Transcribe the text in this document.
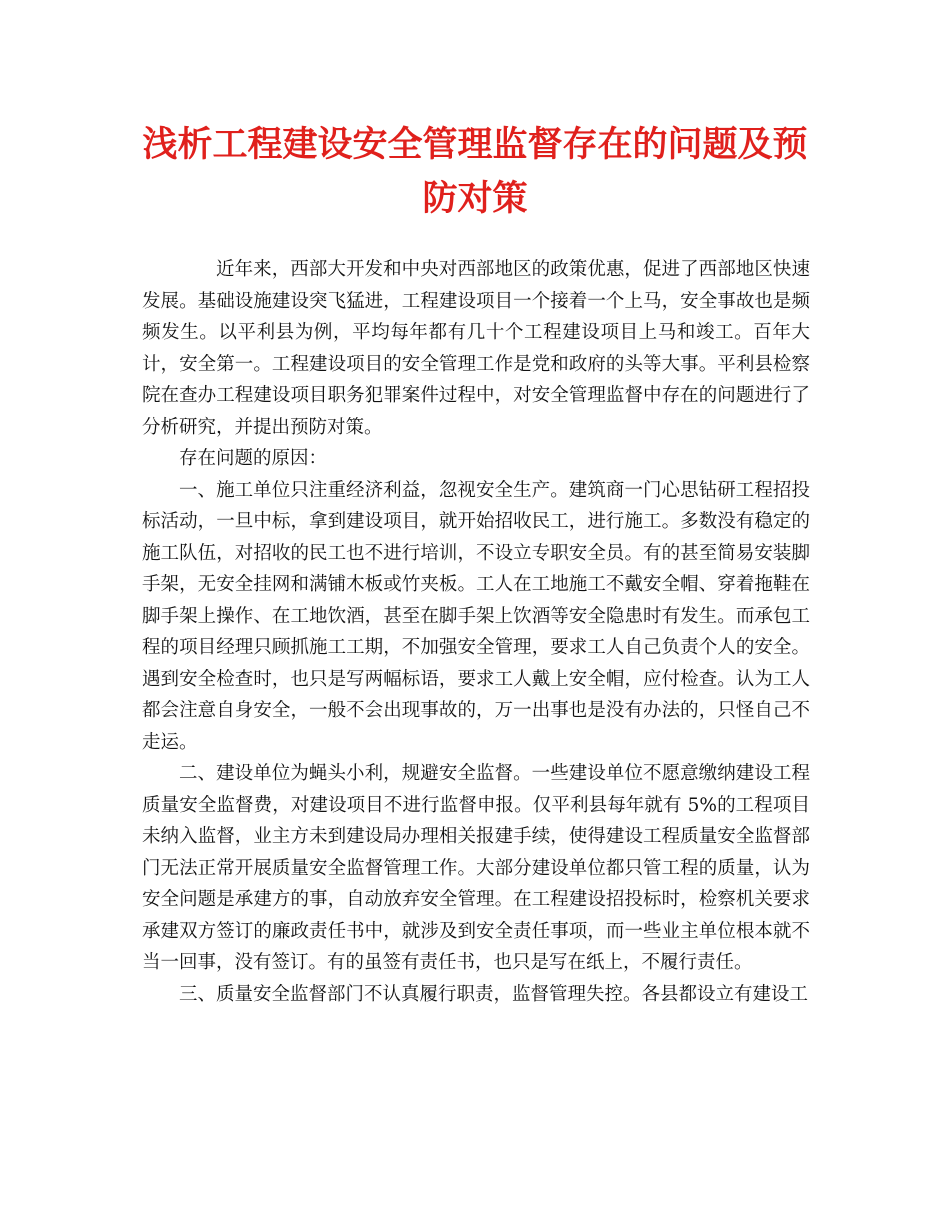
浅析工程建设安全管理监督存在的问题及预防对策

近年来，西部大开发和中央对西部地区的政策优惠，促进了西部地区快速发展。基础设施建设突飞猛进，工程建设项目一个接着一个上马，安全事故也是频频发生。以平利县为例，平均每年都有几十个工程建设项目上马和竣工。百年大计，安全第一。工程建设项目的安全管理工作是党和政府的头等大事。平利县检察院在查办工程建设项目职务犯罪案件过程中，对安全管理监督中存在的问题进行了分析研究，并提出预防对策。

存在问题的原因：

一、施工单位只注重经济利益，忽视安全生产。建筑商一门心思钻研工程招投标活动，一旦中标，拿到建设项目，就开始招收民工，进行施工。多数没有稳定的施工队伍，对招收的民工也不进行培训，不设立专职安全员。有的甚至简易安装脚手架，无安全挂网和满铺木板或竹夹板。工人在工地施工不戴安全帽、穿着拖鞋在脚手架上操作、在工地饮酒，甚至在脚手架上饮酒等安全隐患时有发生。而承包工程的项目经理只顾抓施工工期，不加强安全管理，要求工人自己负责个人的安全。遇到安全检查时，也只是写两幅标语，要求工人戴上安全帽，应付检查。认为工人都会注意自身安全，一般不会出现事故的，万一出事也是没有办法的，只怪自己不走运。

二、建设单位为蝇头小利，规避安全监督。一些建设单位不愿意缴纳建设工程质量安全监督费，对建设项目不进行监督申报。仅平利县每年就有 5%的工程项目未纳入监督，业主方未到建设局办理相关报建手续，使得建设工程质量安全监督部门无法正常开展质量安全监督管理工作。大部分建设单位都只管工程的质量，认为安全问题是承建方的事，自动放弃安全管理。在工程建设招投标时，检察机关要求承建双方签订的廉政责任书中，就涉及到安全责任事项，而一些业主单位根本就不当一回事，没有签订。有的虽签有责任书，也只是写在纸上，不履行责任。

三、质量安全监督部门不认真履行职责，监督管理失控。各县都设立有建设工
